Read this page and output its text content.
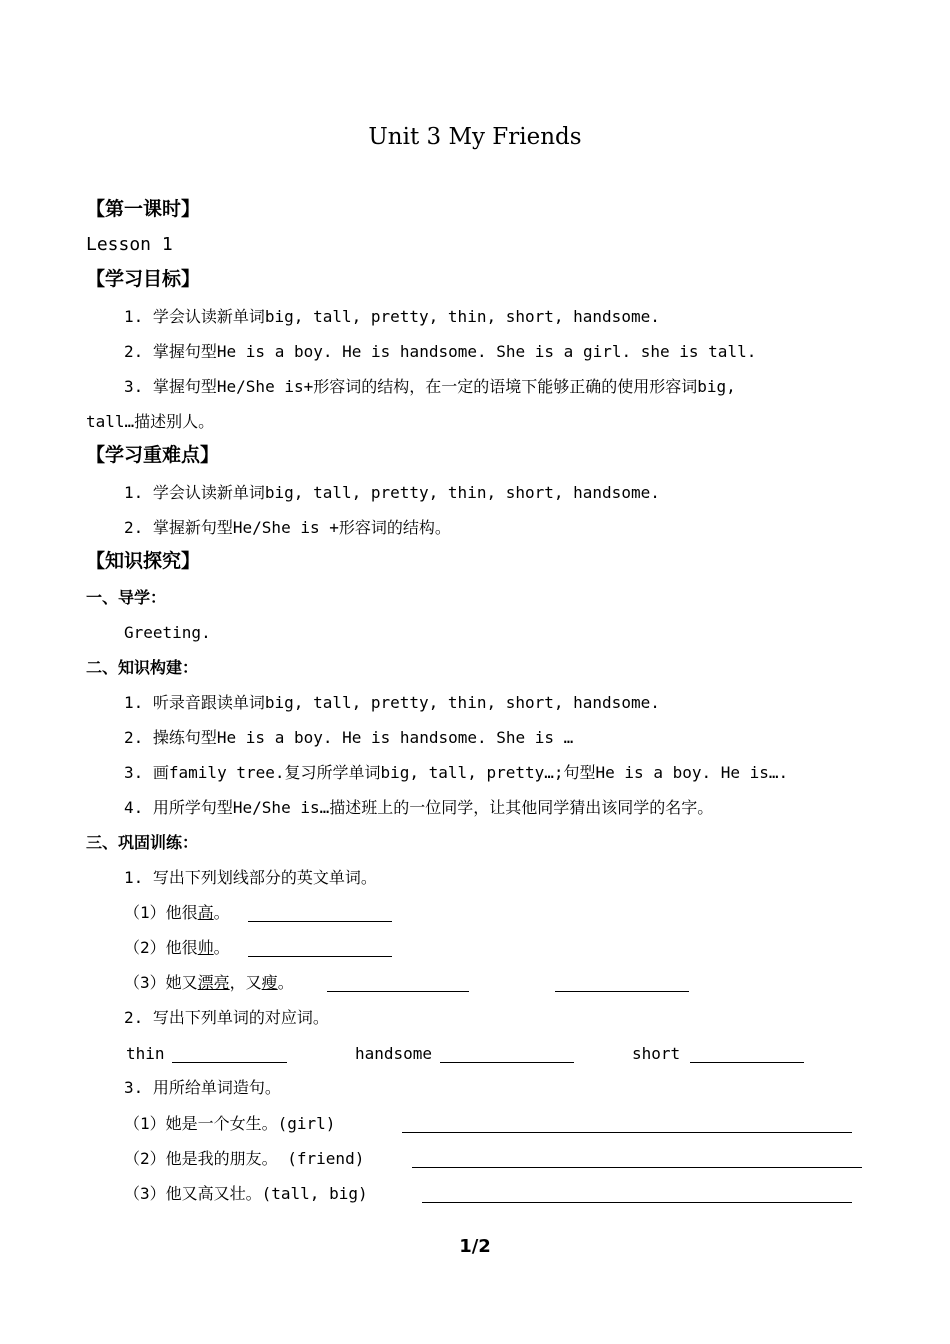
Unit 3 My Friends
【第一课时】
Lesson 1
【学习目标】
1. 学会认读新单词big, tall, pretty, thin, short, handsome.
2. 掌握句型He is a boy. He is handsome. She is a girl. she is tall.
3. 掌握句型He/She is+形容词的结构，在一定的语境下能够正确的使用形容词big,
tall…描述别人。
【学习重难点】
1. 学会认读新单词big, tall, pretty, thin, short, handsome.
2. 掌握新句型He/She is +形容词的结构。
【知识探究】
一、导学：
Greeting.
二、知识构建：
1. 听录音跟读单词big, tall, pretty, thin, short, handsome.
2. 操练句型He is a boy. He is handsome. She is …
3. 画family tree.复习所学单词big, tall, pretty…;句型He is a boy. He is….
4. 用所学句型He/She is…描述班上的一位同学，让其他同学猜出该同学的名字。
三、巩固训练：
1. 写出下列划线部分的英文单词。
（1）他很高。
（2）他很帅。
（3）她又漂亮，又瘦。
2. 写出下列单词的对应词。
thin	handsome	short
3. 用所给单词造句。
（1）她是一个女生。(girl)
（2）他是我的朋友。 (friend)
（3）他又高又壮。(tall, big)
1/2
